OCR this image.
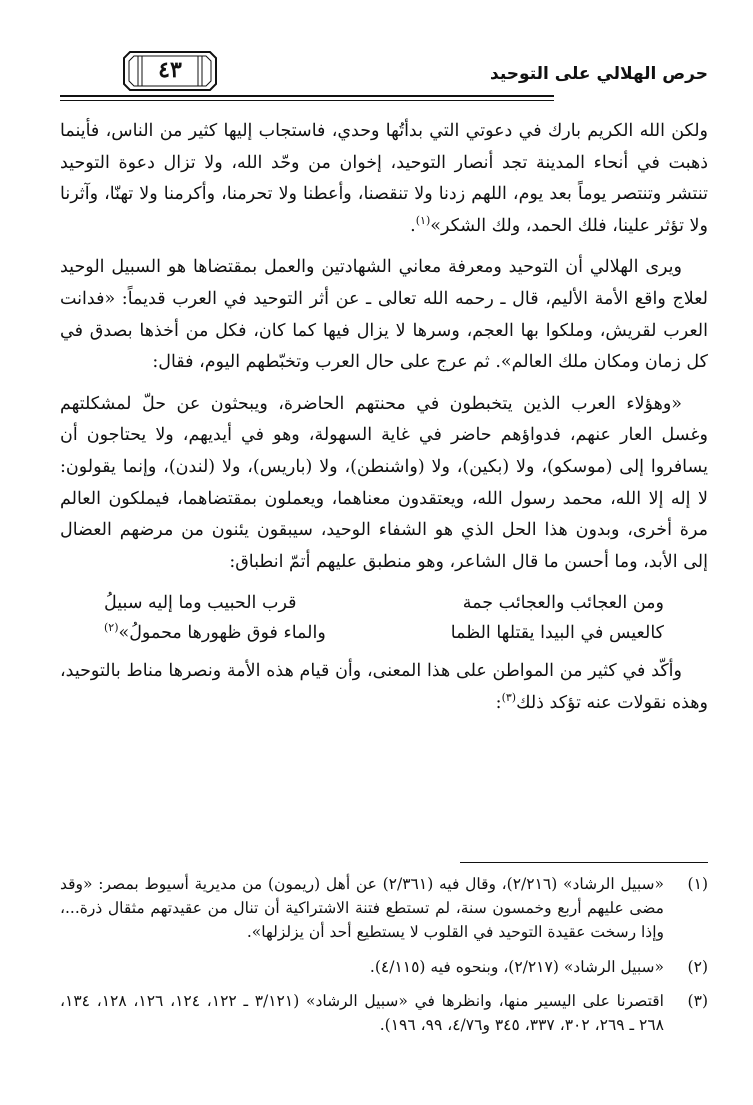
حرص الهلالي على التوحيد
٤٣

ولكن الله الكريم بارك في دعوتي التي بدأتُها وحدي، فاستجاب إليها كثير من الناس، فأينما ذهبت في أنحاء المدينة تجد أنصار التوحيد، إخوان من وحّد الله، ولا تزال دعوة التوحيد تنتشر وتنتصر يوماً بعد يوم، اللهم زدنا ولا تنقصنا، وأعطنا ولا تحرمنا، وأكرمنا ولا تهنّا، وآثرنا ولا تؤثر علينا، فلك الحمد، ولك الشكر»$^{(١)}$.

ويرى الهلالي أن التوحيد ومعرفة معاني الشهادتين والعمل بمقتضاها هو السبيل الوحيد لعلاج واقع الأمة الأليم، قال ـ رحمه الله تعالى ـ عن أثر التوحيد في العرب قديماً: «فدانت العرب لقريش، وملكوا بها العجم، وسرها لا يزال فيها كما كان، فكل من أخذها بصدق في كل زمان ومكان ملك العالم». ثم عرج على حال العرب وتخبّطهم اليوم، فقال:

«وهؤلاء العرب الذين يتخبطون في محنتهم الحاضرة، ويبحثون عن حلّ لمشكلتهم وغسل العار عنهم، فدواؤهم حاضر في غاية السهولة، وهو في أيديهم، ولا يحتاجون أن يسافروا إلى (موسكو)، ولا (بكين)، ولا (واشنطن)، ولا (باريس)، ولا (لندن)، وإنما يقولون: لا إله إلا الله، محمد رسول الله، ويعتقدون معناهما، ويعملون بمقتضاهما، فيملكون العالم مرة أخرى، وبدون هذا الحل الذي هو الشفاء الوحيد، سيبقون يئنون من مرضهم العضال إلى الأبد، وما أحسن ما قال الشاعر، وهو منطبق عليهم أتمّ انطباق:

ومن العجائب والعجائب جمة
قرب الحبيب وما إليه سبيلُ
كالعيس في البيدا يقتلها الظما
والماء فوق ظهورها محمولُ»$^{(٢)}$

وأكّد في كثير من المواطن على هذا المعنى، وأن قيام هذه الأمة ونصرها مناط بالتوحيد، وهذه نقولات عنه تؤكد ذلك$^{(٣)}$:

(١)
«سبيل الرشاد» (٢/٢١٦)، وقال فيه (٢/٣٦١) عن أهل (ريمون) من مديرية أسيوط بمصر: «وقد مضى عليهم أربع وخمسون سنة، لم تستطع فتنة الاشتراكية أن تنال من عقيدتهم مثقال ذرة...، وإذا رسخت عقيدة التوحيد في القلوب لا يستطيع أحد أن يزلزلها».
(٢)
«سبيل الرشاد» (٢/٢١٧)، وبنحوه فيه (٤/١١٥).
(٣)
اقتصرنا على اليسير منها، وانظرها في «سبيل الرشاد» (٣/١٢١ ـ ١٢٢، ١٢٤، ١٢٦، ١٢٨، ١٣٤، ٢٦٨ ـ ٢٦٩، ٣٠٢، ٣٣٧، ٣٤٥ و٤/٧٦، ٩٩، ١٩٦).
